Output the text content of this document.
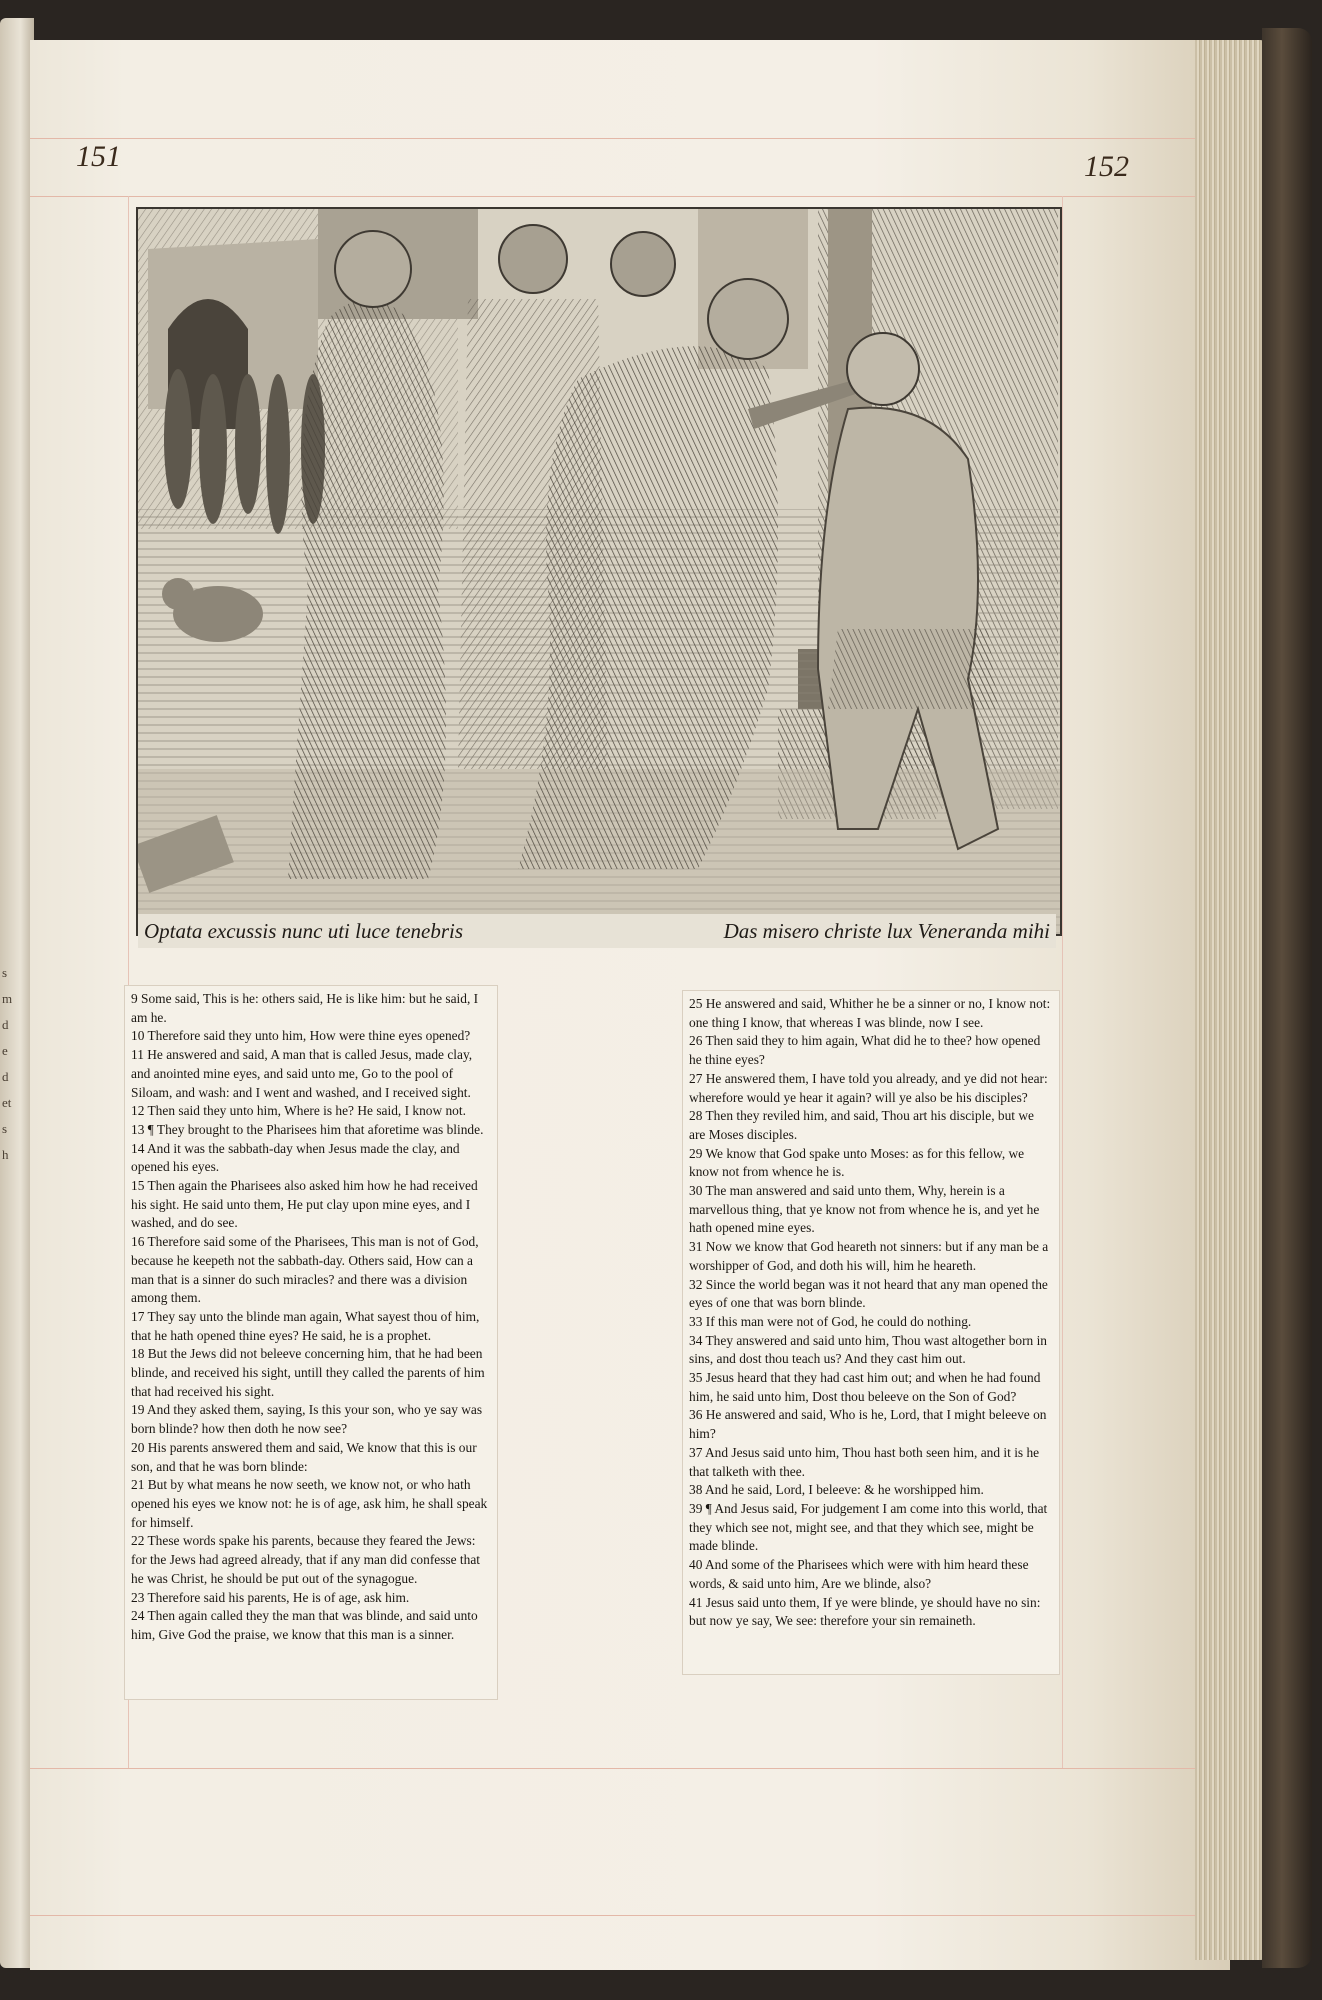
s
m
d
e
d
et
s
h
151	152
Optata excussis nunc uti luce tenebris	Das misero christe lux Veneranda mihi

9 Some said, This is he: others said, He is like him: but he said, I am he.

10 Therefore said they unto him, How were thine eyes opened?

11 He answered and said, A man that is called Jesus, made clay, and anointed mine eyes, and said unto me, Go to the pool of Siloam, and wash: and I went and washed, and I received sight.

12 Then said they unto him, Where is he? He said, I know not.

13 ¶ They brought to the Pharisees him that aforetime was blinde.

14 And it was the sabbath-day when Jesus made the clay, and opened his eyes.

15 Then again the Pharisees also asked him how he had received his sight. He said unto them, He put clay upon mine eyes, and I washed, and do see.

16 Therefore said some of the Pharisees, This man is not of God, because he keepeth not the sabbath-day. Others said, How can a man that is a sinner do such miracles? and there was a division among them.

17 They say unto the blinde man again, What sayest thou of him, that he hath opened thine eyes? He said, he is a prophet.

18 But the Jews did not beleeve concerning him, that he had been blinde, and received his sight, untill they called the parents of him that had received his sight.

19 And they asked them, saying, Is this your son, who ye say was born blinde? how then doth he now see?

20 His parents answered them and said, We know that this is our son, and that he was born blinde:

21 But by what means he now seeth, we know not, or who hath opened his eyes we know not: he is of age, ask him, he shall speak for himself.

22 These words spake his parents, because they feared the Jews: for the Jews had agreed already, that if any man did confesse that he was Christ, he should be put out of the synagogue.

23 Therefore said his parents, He is of age, ask him.

24 Then again called they the man that was blinde, and said unto him, Give God the praise, we know that this man is a sinner.

25 He answered and said, Whither he be a sinner or no, I know not: one thing I know, that whereas I was blinde, now I see.

26 Then said they to him again, What did he to thee? how opened he thine eyes?

27 He answered them, I have told you already, and ye did not hear: wherefore would ye hear it again? will ye also be his disciples?

28 Then they reviled him, and said, Thou art his disciple, but we are Moses disciples.

29 We know that God spake unto Moses: as for this fellow, we know not from whence he is.

30 The man answered and said unto them, Why, herein is a marvellous thing, that ye know not from whence he is, and yet he hath opened mine eyes.

31 Now we know that God heareth not sinners: but if any man be a worshipper of God, and doth his will, him he heareth.

32 Since the world began was it not heard that any man opened the eyes of one that was born blinde.

33 If this man were not of God, he could do nothing.

34 They answered and said unto him, Thou wast altogether born in sins, and dost thou teach us? And they cast him out.

35 Jesus heard that they had cast him out; and when he had found him, he said unto him, Dost thou beleeve on the Son of God?

36 He answered and said, Who is he, Lord, that I might beleeve on him?

37 And Jesus said unto him, Thou hast both seen him, and it is he that talketh with thee.

38 And he said, Lord, I beleeve: & he worshipped him.

39 ¶ And Jesus said, For judgement I am come into this world, that they which see not, might see, and that they which see, might be made blinde.

40 And some of the Pharisees which were with him heard these words, & said unto him, Are we blinde, also?

41 Jesus said unto them, If ye were blinde, ye should have no sin: but now ye say, We see: therefore your sin remaineth.
